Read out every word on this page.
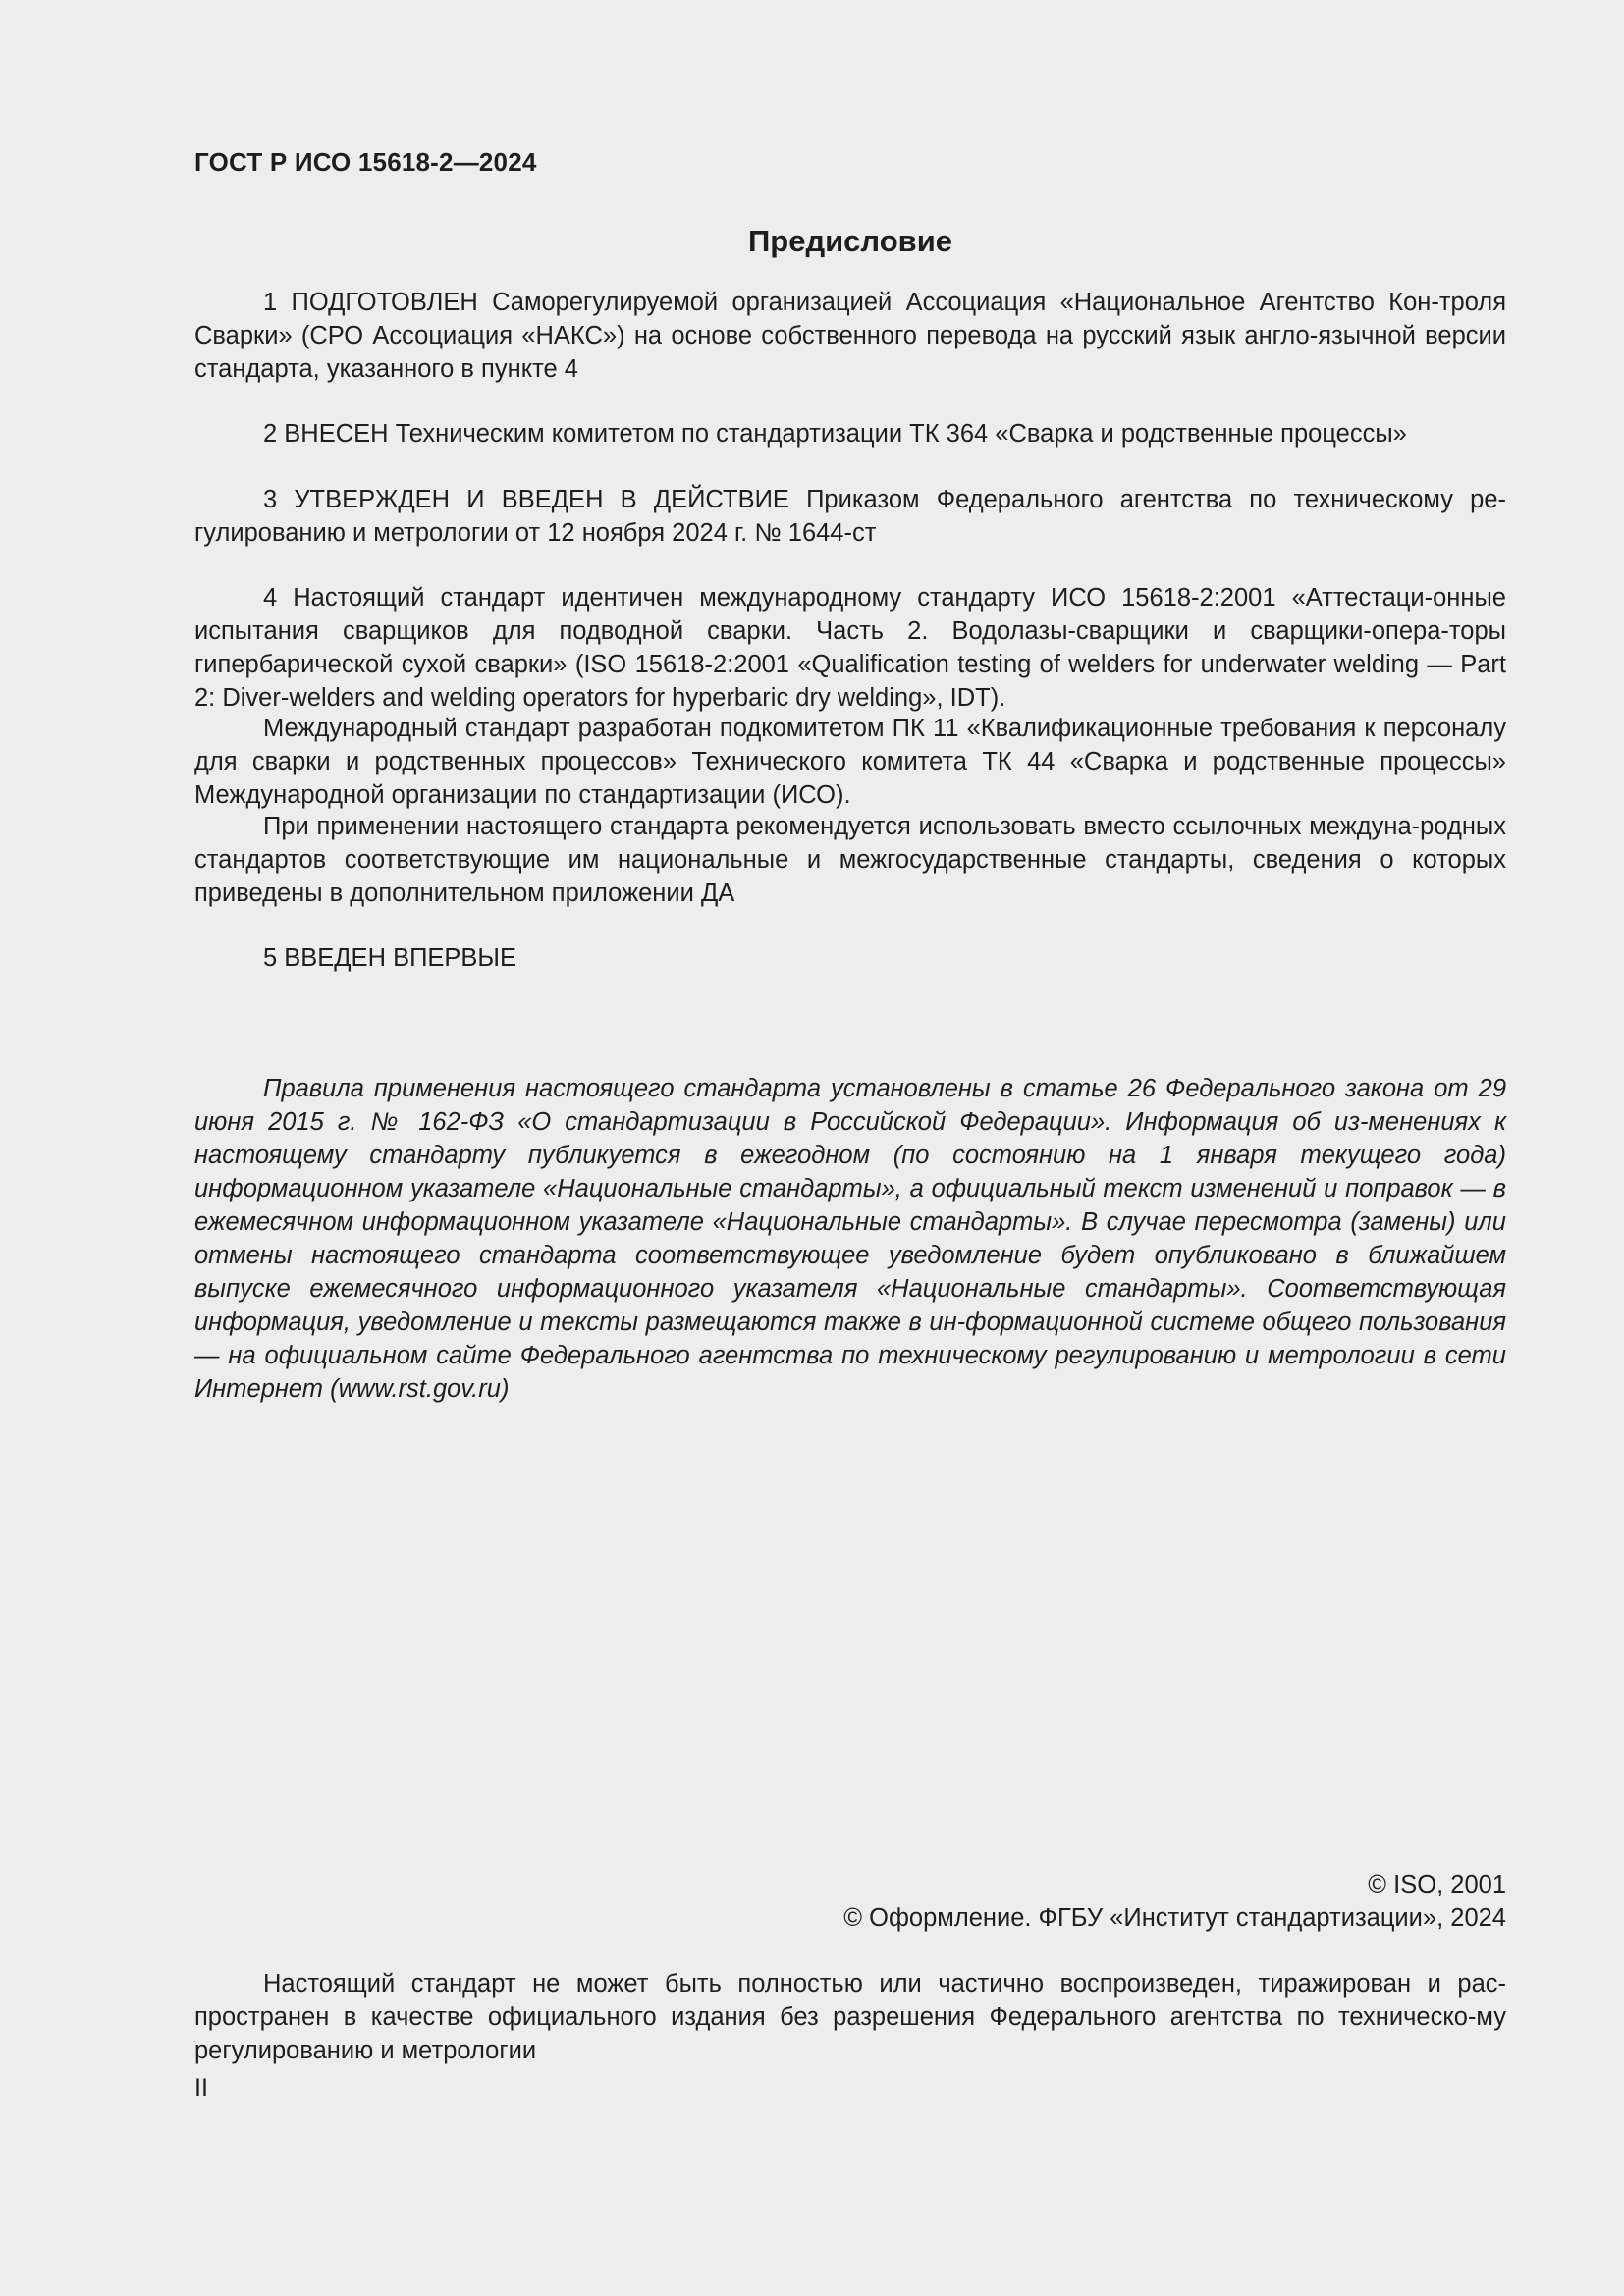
ГОСТ Р ИСО 15618-2—2024
Предисловие

1 ПОДГОТОВЛЕН Саморегулируемой организацией Ассоциация «Национальное Агентство Кон-троля Сварки» (СРО Ассоциация «НАКС») на основе собственного перевода на русский язык англо-язычной версии стандарта, указанного в пункте 4

2 ВНЕСЕН Техническим комитетом по стандартизации ТК 364 «Сварка и родственные процессы»

3 УТВЕРЖДЕН И ВВЕДЕН В ДЕЙСТВИЕ Приказом Федерального агентства по техническому ре-гулированию и метрологии от 12 ноября 2024 г. № 1644-ст

4 Настоящий стандарт идентичен международному стандарту ИСО 15618-2:2001 «Аттестаци-онные испытания сварщиков для подводной сварки. Часть 2. Водолазы-сварщики и сварщики-опера-торы гипербарической сухой сварки» (ISO 15618-2:2001 «Qualification testing of welders for underwater welding — Part 2: Diver-welders and welding operators for hyperbaric dry welding», IDT).

Международный стандарт разработан подкомитетом ПК 11 «Квалификационные требования к персоналу для сварки и родственных процессов» Технического комитета ТК 44 «Сварка и родственные процессы» Международной организации по стандартизации (ИСО).

При применении настоящего стандарта рекомендуется использовать вместо ссылочных междуна-родных стандартов соответствующие им национальные и межгосударственные стандарты, сведения о которых приведены в дополнительном приложении ДА

5 ВВЕДЕН ВПЕРВЫЕ

Правила применения настоящего стандарта установлены в статье 26 Федерального закона от 29 июня 2015 г. № 162-ФЗ «О стандартизации в Российской Федерации». Информация об из-менениях к настоящему стандарту публикуется в ежегодном (по состоянию на 1 января текущего года) информационном указателе «Национальные стандарты», а официальный текст изменений и поправок — в ежемесячном информационном указателе «Национальные стандарты». В случае пересмотра (замены) или отмены настоящего стандарта соответствующее уведомление будет опубликовано в ближайшем выпуске ежемесячного информационного указателя «Национальные стандарты». Соответствующая информация, уведомление и тексты размещаются также в ин-формационной системе общего пользования — на официальном сайте Федерального агентства по техническому регулированию и метрологии в сети Интернет (www.rst.gov.ru)

© ISO, 2001
© Оформление. ФГБУ «Институт стандартизации», 2024

Настоящий стандарт не может быть полностью или частично воспроизведен, тиражирован и рас-пространен в качестве официального издания без разрешения Федерального агентства по техническо-му регулированию и метрологии

II
